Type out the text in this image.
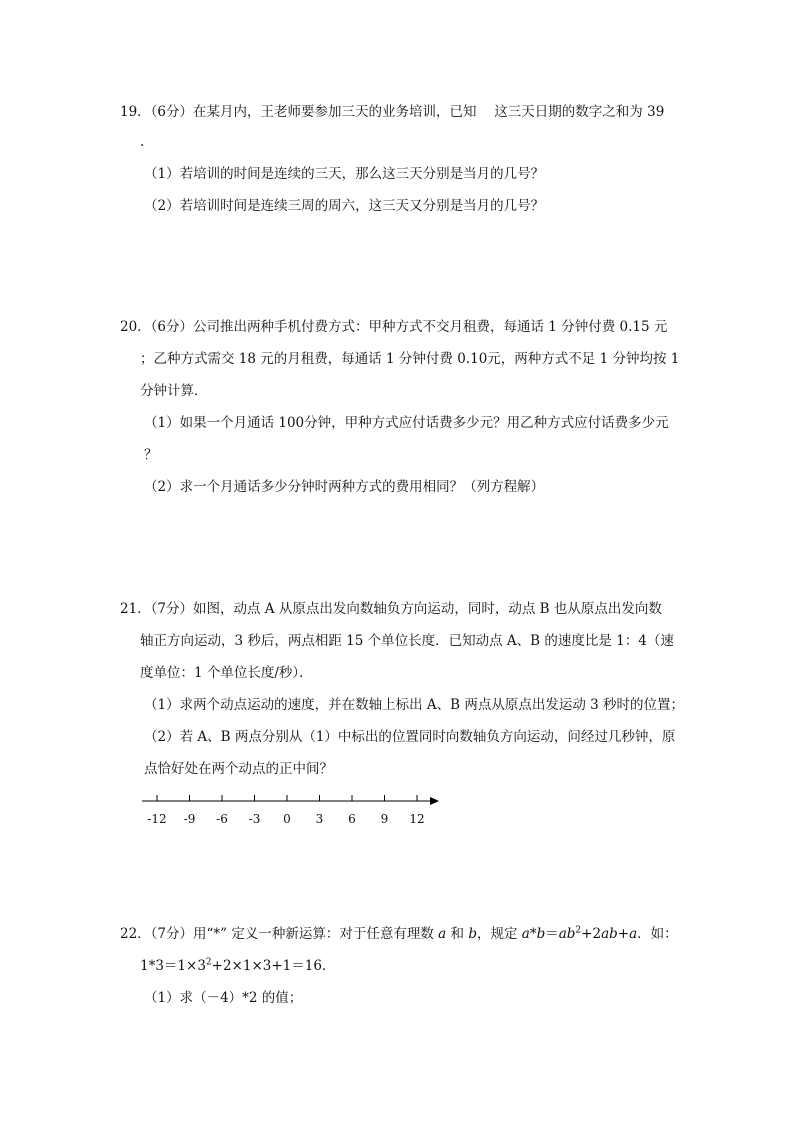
19．（6分）在某月内，王老师要参加三天的业务培训，已知　 这三天日期的数字之和为 39
.
（1）若培训的时间是连续的三天，那么这三天分别是当月的几号？
（2）若培训时间是连续三周的周六，这三天又分别是当月的几号？
20．（6分）公司推出两种手机付费方式：甲种方式不交月租费，每通话 1 分钟付费 0.15 元
；乙种方式需交 18 元的月租费，每通话 1 分钟付费 0.10元，两种方式不足 1 分钟均按 1
分钟计算．
（1）如果一个月通话 100分钟，甲种方式应付话费多少元？用乙种方式应付话费多少元
？
（2）求一个月通话多少分钟时两种方式的费用相同？（列方程解）
21．（7分）如图，动点 A 从原点出发向数轴负方向运动，同时，动点 B 也从原点出发向数
轴正方向运动，3 秒后，两点相距 15 个单位长度．已知动点 A、B 的速度比是 1：4（速
度单位：1 个单位长度/秒）．
（1）求两个动点运动的速度，并在数轴上标出 A、B 两点从原点出发运动 3 秒时的位置；
（2）若 A、B 两点分别从（1）中标出的位置同时向数轴负方向运动，问经过几秒钟，原
点恰好处在两个动点的正中间？
-12 -9 -6 -3 0 3 6 9 12
22．（7分）用“*” 定义一种新运算：对于任意有理数 a 和 b，规定 $a*b=ab^2+2ab+a$．如：
$1*3=1\times 3^2+2\times 1\times 3+1=16$．
（1）求（－4）*2 的值；
